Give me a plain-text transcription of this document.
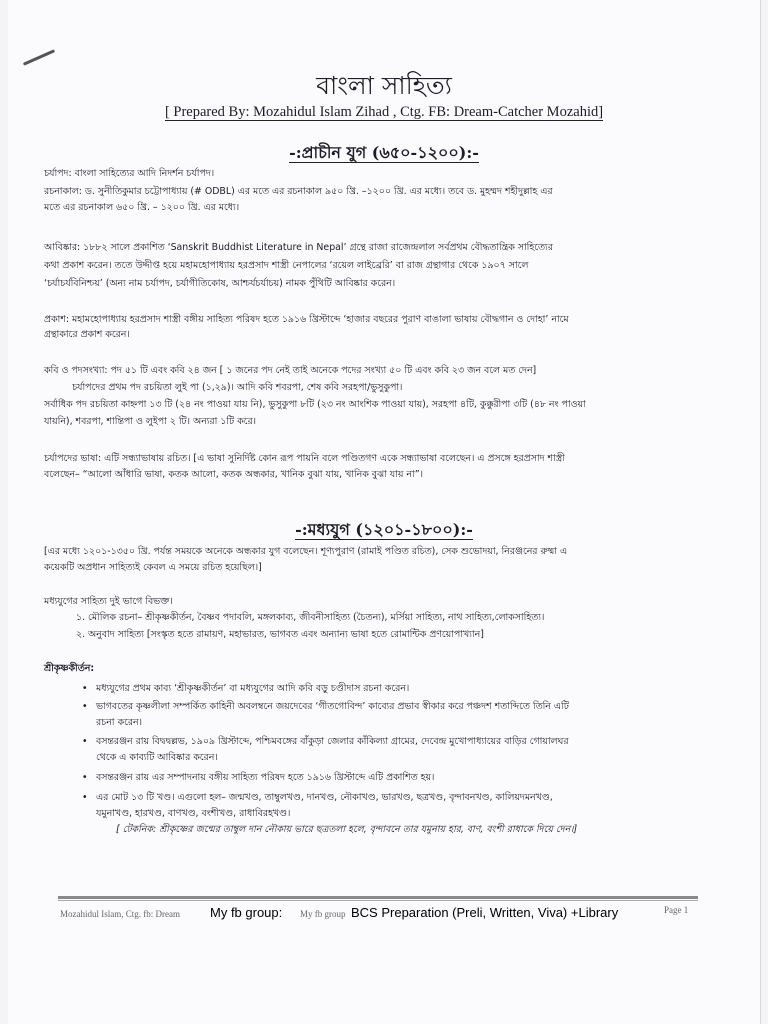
বাংলা সাহিত্য
[ Prepared By: Mozahidul Islam Zihad , Ctg. FB: Dream-Catcher Mozahid]
-:প্রাচীন যুগ (৬৫০-১২০০):-
চর্যাপদ: বাংলা সাহিত্যের আদি নিদর্শন চর্যাপদ।
রচনাকাল: ড. সুনীতিকুমার চট্টোপাধ্যায় (# ODBL) এর মতে এর রচনাকাল ৯৫০ খ্রি. –১২০০ খ্রি. এর মধ্যে। তবে ড. মুহম্মদ শহীদুল্লাহ এর
মতে এর রচনাকাল ৬৫০ খ্রি. – ১২০০ খ্রি. এর মধ্যে।
আবিষ্কার: ১৮৮২ সালে প্রকাশিত ‘Sanskrit Buddhist Literature in Nepal’ গ্রন্থে রাজা রাজেন্দ্রলাল সর্বপ্রথম বৌদ্ধতান্ত্রিক সাহিত্যের
কথা প্রকাশ করেন। ততে উদ্দীপ্ত হয়ে মহামহোপাধ্যায় হরপ্রসাদ শাস্ত্রী নেপালের ‘রয়েল লাইব্রেরি’ বা রাজ গ্রন্থাগার থেকে ১৯০৭ সালে
‘চর্যাচর্যবিনিশ্চয়’ (অন্য নাম চর্যাপদ, চর্যাগীতিকোষ, আশ্চর্যচর্যাচয়) নামক পুঁথিটি আবিষ্কার করেন।
প্রকাশ: মহামহোপাধ্যায় হরপ্রসাদ শাস্ত্রী বঙ্গীয় সাহিত্য পরিষদ হতে ১৯১৬ খ্রিস্টাব্দে ‘হাজার বছরের পুরাণ বাঙালা ভাষায় বৌদ্ধগান ও দোহা’ নামে
গ্রন্থাকারে প্রকাশ করেন।
কবি ও পদসংখ্যা: পদ ৫১ টি এবং কবি ২৪ জন [ ১ জনের পদ নেই তাই অনেকে পদের সংখ্যা ৫০ টি এবং কবি ২৩ জন বলে মত দেন]
চর্যাপদের প্রথম পদ রচয়িতা লুই পা (১,২৯)। আদি কবি শবরপা, শেষ কবি সরহপা/ভুসুকুপা।
সর্বাধিক পদ রচয়িতা কাহ্নপা ১৩ টি (২৪ নং পাওয়া যায় নি), ভুসুকুপা ৮টি (২৩ নং আংশিক পাওয়া যায়), সরহপা ৪টি, কুক্কুরীপা ৩টি (৪৮ নং পাওয়া
যায়নি), শবরপা, শান্তিপা ও লুইপা ২ টি। অন্যরা ১টি করে।
চর্যাপদের ভাষা: এটি সন্ধ্যাভাষায় রচিত। [এ ভাষা সুনির্দিষ্ট কোন রূপ পায়নি বলে পণ্ডিতগণ একে সন্ধ্যাভাষা বলেছেন। এ প্রসঙ্গে হরপ্রসাদ শাস্ত্রী
বলেছেন– “আলো আঁধারি ভাষা, কতক আলো, কতক অন্ধকার, খানিক বুঝা যায়, খানিক বুঝা যায় না”।
-:মধ্যযুগ (১২০১-১৮০০):-
[এর মধ্যে ১২০১-১৩৫০ খ্রি. পর্যন্ত সময়কে অনেকে অন্ধকার যুগ বলেছেন। শূণ্যপুরাণ (রামাই পণ্ডিত রচিত), সেক শুভোদয়া, নিরঞ্জনের রুষ্মা এ
কয়েকটি অপ্রধান সাহিত্যই কেবল এ সময়ে রচিত হয়েছিল।]
মধ্যযুগের সাহিত্য দুই ভাগে বিভক্ত।
১. মৌলিক রচনা– শ্রীকৃষ্ণকীর্তন, বৈষ্ণব পদাবলি, মঙ্গলকাব্য, জীবনীসাহিত্য (চৈতন্য), মর্সিয়া সাহিত্য, নাথ সাহিত্য,লোকসাহিত্য।
২. অনুবাদ সাহিত্য [সংস্কৃত হতে রামায়ণ, মহাভারত, ভাগবত এবং অন্যান্য ভাষা হতে রোমান্টিক প্রণয়োপাখ্যান]
শ্রীকৃষ্ণকীর্তন:
• মধ্যযুগের প্রথম কাব্য ‘শ্রীকৃষ্ণকীর্তন’ বা মধ্যযুগের আদি কবি বড়ু চণ্ডীদাস রচনা করেন।
• ভাগবতের কৃষ্ণলীলা সম্পর্কিত কাহিনী অবলম্বনে জয়দেবের ‘গীতগোবিন্দ’ কাব্যের প্রভাব স্বীকার করে পঞ্চদশ শতাব্দিতে তিনি এটি
রচনা করেন।
• বসন্তরঞ্জন রায় বিদ্বদ্বল্লভ, ১৯০৯ খ্রিস্টাব্দে, পশ্চিমবঙ্গের বাঁকুড়া জেলার কাঁকিল্যা গ্রামের, দেবেন্দ্র মুখোপাধ্যায়ের বাড়ির গোয়ালঘর
থেকে এ কাব্যটি আবিষ্কার করেন।
• বসন্তরঞ্জন রায় এর সম্পাদনায় বঙ্গীয় সাহিত্য পরিষদ হতে ১৯১৬ খ্রিস্টাব্দে এটি প্রকাশিত হয়।
• এর মোট ১৩ টি খণ্ড। এগুলো হল– জন্মখণ্ড, তাম্বুলখণ্ড, দানখণ্ড, নৌকাখণ্ড, ভারখণ্ড, ছত্রখণ্ড, বৃন্দাবনখণ্ড, কালিয়দমনখণ্ড,
যমুনাখণ্ড, হারখণ্ড, বাণখণ্ড, বংশীখণ্ড, রাধাবিরহখণ্ড।
[ টেকনিক: শ্রীকৃষ্ণের জন্মের তাম্বুল দান নৌকায় ভারে ছত্রতলা হলে, বৃন্দাবনে তার যমুনায় হার, বাণ, বংশী রাধাকে দিয়ে দেন।]
Mozahidul Islam, Ctg. fb: Dream My fb group: My fb group BCS Preparation (Preli, Written, Viva) +Library	Page 1
